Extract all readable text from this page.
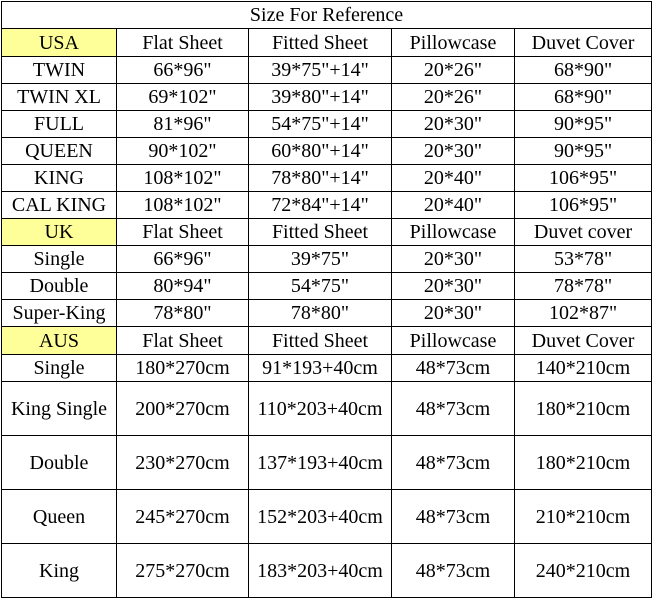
Size For Reference				
USA	Flat Sheet	Fitted Sheet	Pillowcase	Duvet Cover
TWIN	66*96"	39*75"+14"	20*26"	68*90"
TWIN XL	69*102"	39*80"+14"	20*26"	68*90"
FULL	81*96"	54*75"+14"	20*30"	90*95"
QUEEN	90*102"	60*80"+14"	20*30"	90*95"
KING	108*102"	78*80"+14"	20*40"	106*95"
CAL KING	108*102"	72*84"+14"	20*40"	106*95"
UK	Flat Sheet	Fitted Sheet	Pillowcase	Duvet cover
Single	66*96"	39*75"	20*30"	53*78"
Double	80*94"	54*75"	20*30"	78*78"
Super-King	78*80"	78*80"	20*30"	102*87"
AUS	Flat Sheet	Fitted Sheet	Pillowcase	Duvet Cover
Single	180*270cm	91*193+40cm	48*73cm	140*210cm
King Single	200*270cm	110*203+40cm	48*73cm	180*210cm
Double	230*270cm	137*193+40cm	48*73cm	180*210cm
Queen	245*270cm	152*203+40cm	48*73cm	210*210cm
King	275*270cm	183*203+40cm	48*73cm	240*210cm
